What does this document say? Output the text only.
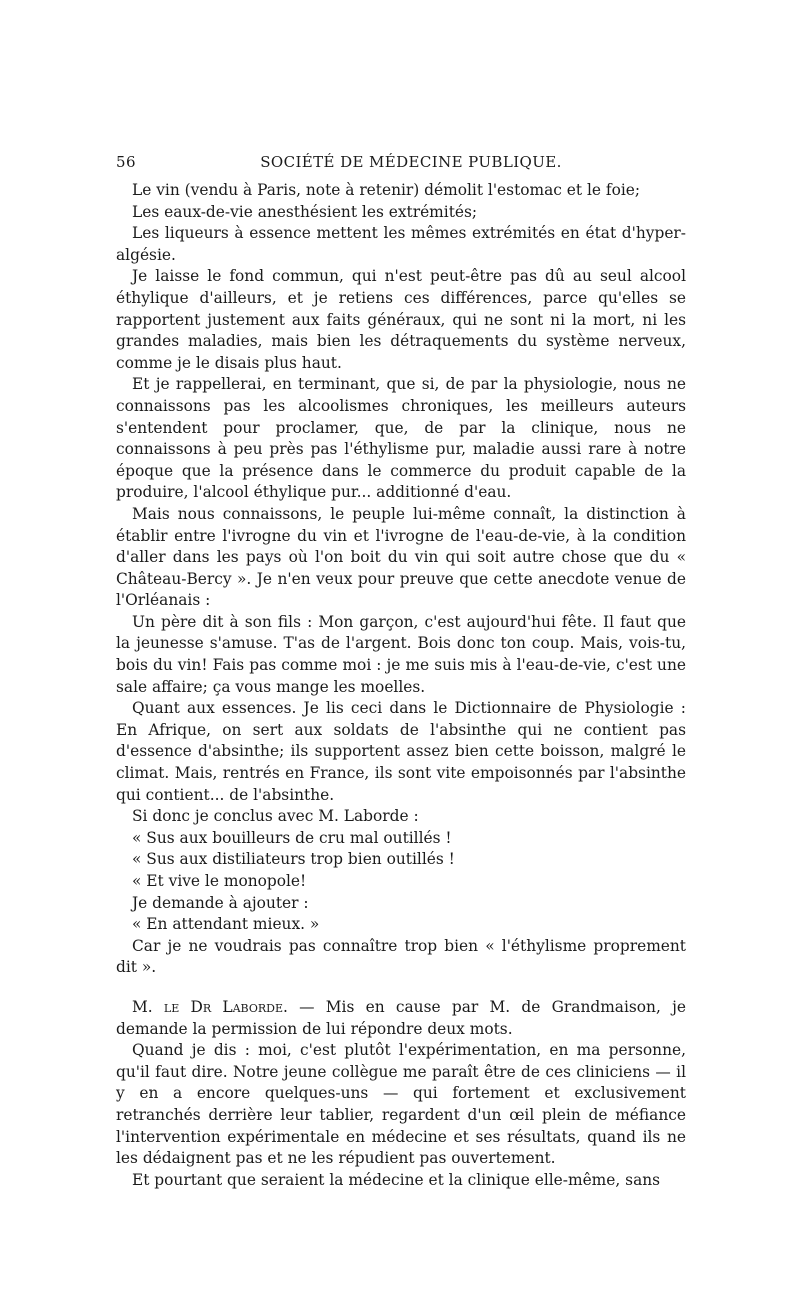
56	SOCIÉTÉ DE MÉDECINE PUBLIQUE.

Le vin (vendu à Paris, note à retenir) démolit l'estomac et le foie;

Les eaux-de-vie anesthésient les extrémités;

Les liqueurs à essence mettent les mêmes extrémités en état d'hyper-algésie.

Je laisse le fond commun, qui n'est peut-être pas dû au seul alcool éthylique d'ailleurs, et je retiens ces différences, parce qu'elles se rapportent justement aux faits généraux, qui ne sont ni la mort, ni les grandes maladies, mais bien les détraquements du système nerveux, comme je le disais plus haut.

Et je rappellerai, en terminant, que si, de par la physiologie, nous ne connaissons pas les alcoolismes chroniques, les meilleurs auteurs s'entendent pour proclamer, que, de par la clinique, nous ne connaissons à peu près pas l'éthylisme pur, maladie aussi rare à notre époque que la présence dans le commerce du produit capable de la produire, l'alcool éthylique pur... additionné d'eau.

Mais nous connaissons, le peuple lui-même connaît, la distinction à établir entre l'ivrogne du vin et l'ivrogne de l'eau-de-vie, à la condition d'aller dans les pays où l'on boit du vin qui soit autre chose que du « Château-Bercy ». Je n'en veux pour preuve que cette anecdote venue de l'Orléanais :

Un père dit à son fils : Mon garçon, c'est aujourd'hui fête. Il faut que la jeunesse s'amuse. T'as de l'argent. Bois donc ton coup. Mais, vois-tu, bois du vin! Fais pas comme moi : je me suis mis à l'eau-de-vie, c'est une sale affaire; ça vous mange les moelles.

Quant aux essences. Je lis ceci dans le Dictionnaire de Physiologie : En Afrique, on sert aux soldats de l'absinthe qui ne contient pas d'essence d'absinthe; ils supportent assez bien cette boisson, malgré le climat. Mais, rentrés en France, ils sont vite empoisonnés par l'absinthe qui contient... de l'absinthe.

Si donc je conclus avec M. Laborde :

« Sus aux bouilleurs de cru mal outillés !

« Sus aux distiliateurs trop bien outillés !

« Et vive le monopole!

Je demande à ajouter :

« En attendant mieux. »

Car je ne voudrais pas connaître trop bien « l'éthylisme proprement dit ».

M. le Dr Laborde. — Mis en cause par M. de Grandmaison, je demande la permission de lui répondre deux mots.

Quand je dis : moi, c'est plutôt l'expérimentation, en ma personne, qu'il faut dire. Notre jeune collègue me paraît être de ces cliniciens — il y en a encore quelques-uns — qui fortement et exclusivement retranchés derrière leur tablier, regardent d'un œil plein de méfiance l'intervention expérimentale en médecine et ses résultats, quand ils ne les dédaignent pas et ne les répudient pas ouvertement.

Et pourtant que seraient la médecine et la clinique elle-même, sans
